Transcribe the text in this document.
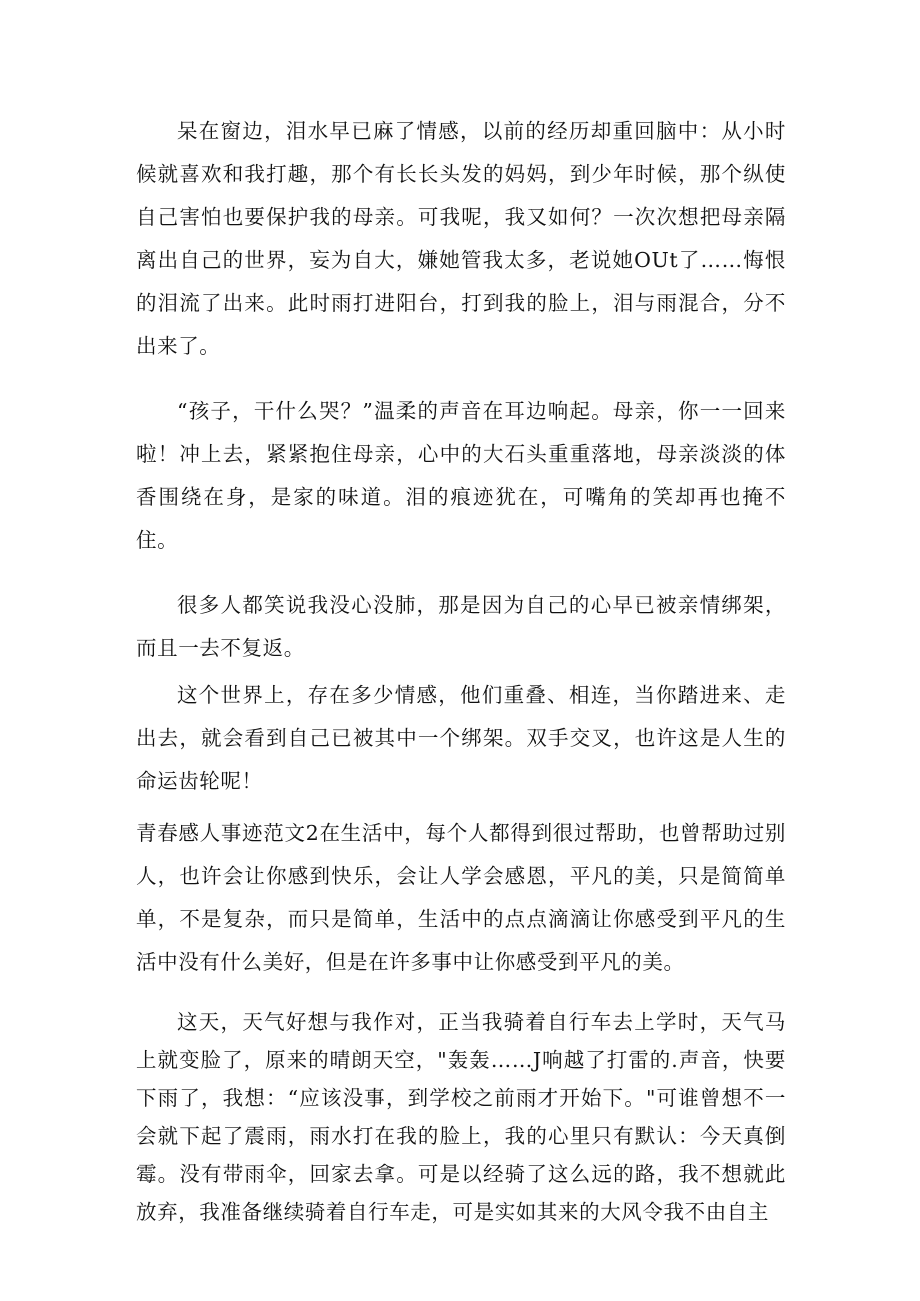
呆在窗边，泪水早已麻了情感，以前的经历却重回脑中：从小时候就喜欢和我打趣，那个有长长头发的妈妈，到少年时候，那个纵使自己害怕也要保护我的母亲。可我呢，我又如何？一次次想把母亲隔离出自己的世界，妄为自大，嫌她管我太多，老说她OUt了……悔恨的泪流了出来。此时雨打进阳台，打到我的脸上，泪与雨混合，分不出来了。

“孩子，干什么哭？”温柔的声音在耳边响起。母亲，你一一回来啦！冲上去，紧紧抱住母亲，心中的大石头重重落地，母亲淡淡的体香围绕在身，是家的味道。泪的痕迹犹在，可嘴角的笑却再也掩不住。

很多人都笑说我没心没肺，那是因为自己的心早已被亲情绑架，而且一去不复返。

这个世界上，存在多少情感，他们重叠、相连，当你踏进来、走出去，就会看到自己已被其中一个绑架。双手交叉，也许这是人生的命运齿轮呢！

青春感人事迹范文2在生活中，每个人都得到很过帮助，也曾帮助过别人，也许会让你感到快乐，会让人学会感恩，平凡的美，只是简简单单，不是复杂，而只是简单，生活中的点点滴滴让你感受到平凡的生活中没有什么美好，但是在许多事中让你感受到平凡的美。

这天，天气好想与我作对，正当我骑着自行车去上学时，天气马上就变脸了，原来的晴朗天空，"轰轰……J响越了打雷的.声音，快要下雨了，我想：“应该没事，到学校之前雨才开始下。"可谁曾想不一会就下起了震雨，雨水打在我的脸上，我的心里只有默认：今天真倒霉。没有带雨伞，回家去拿。可是以经骑了这么远的路，我不想就此放弃，我准备继续骑着自行车走，可是实如其来的大风令我不由自主
